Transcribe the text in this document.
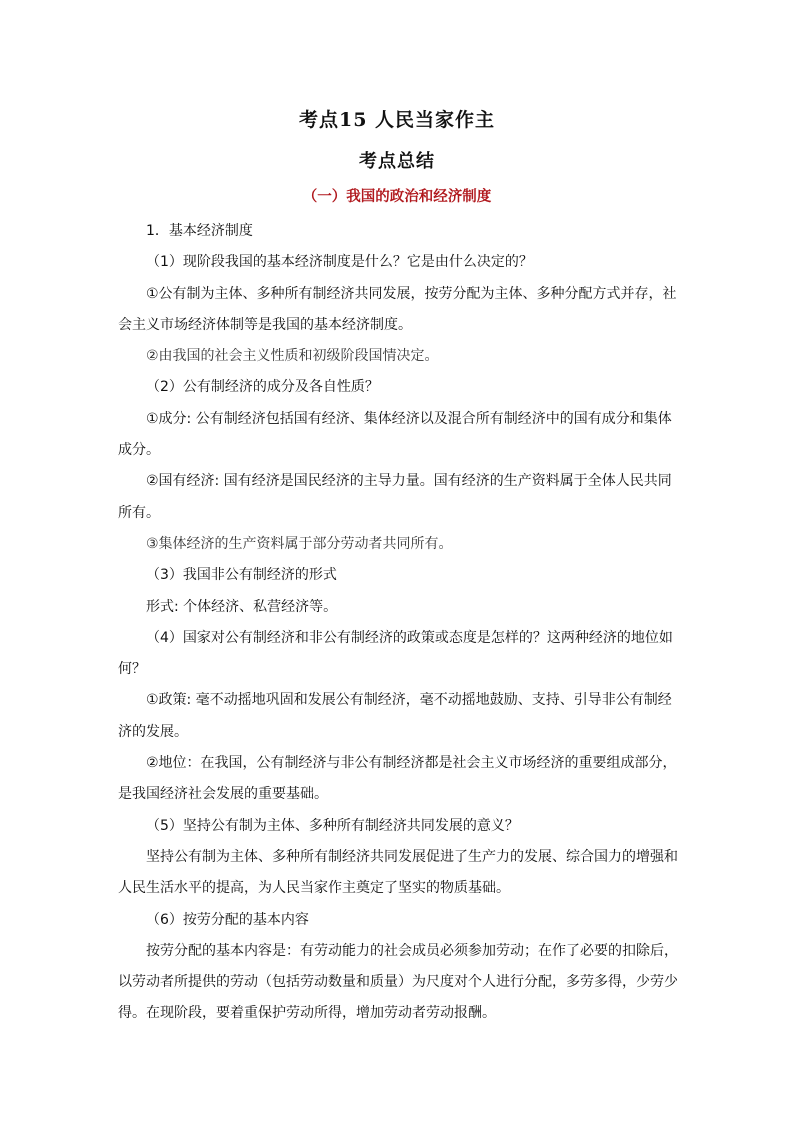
考点15 人民当家作主
考点总结
（一）我国的政治和经济制度

1．基本经济制度

（1）现阶段我国的基本经济制度是什么？它是由什么决定的？

①公有制为主体、多种所有制经济共同发展，按劳分配为主体、多种分配方式并存，社会主义市场经济体制等是我国的基本经济制度。

②由我国的社会主义性质和初级阶段国情决定。

（2）公有制经济的成分及各自性质？

①成分: 公有制经济包括国有经济、集体经济以及混合所有制经济中的国有成分和集体成分。

②国有经济: 国有经济是国民经济的主导力量。国有经济的生产资料属于全体人民共同所有。

③集体经济的生产资料属于部分劳动者共同所有。

（3）我国非公有制经济的形式

形式: 个体经济、私营经济等。

（4）国家对公有制经济和非公有制经济的政策或态度是怎样的？这两种经济的地位如何？

①政策: 毫不动摇地巩固和发展公有制经济，毫不动摇地鼓励、支持、引导非公有制经济的发展。

②地位：在我国，公有制经济与非公有制经济都是社会主义市场经济的重要组成部分，是我国经济社会发展的重要基础。

（5）坚持公有制为主体、多种所有制经济共同发展的意义？

坚持公有制为主体、多种所有制经济共同发展促进了生产力的发展、综合国力的增强和人民生活水平的提高，为人民当家作主奠定了坚实的物质基础。

（6）按劳分配的基本内容

按劳分配的基本内容是：有劳动能力的社会成员必须参加劳动；在作了必要的扣除后，以劳动者所提供的劳动（包括劳动数量和质量）为尺度对个人进行分配，多劳多得，少劳少得。在现阶段，要着重保护劳动所得，增加劳动者劳动报酬。
